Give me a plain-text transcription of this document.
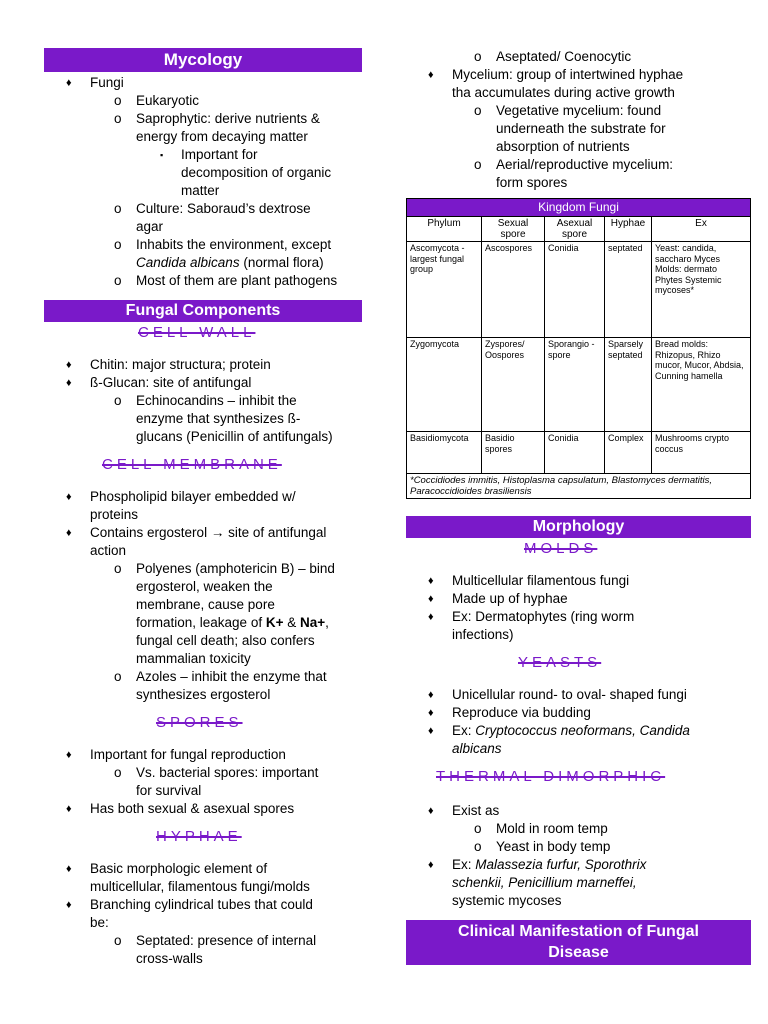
Mycology
♦ Fungi
o Eukaryotic
o Saprophytic: derive nutrients &
energy from decaying matter
▪ Important for
decomposition of organic
matter
o Culture: Saboraud’s dextrose
agar
o Inhabits the environment, except
Candida albicans (normal flora)
o Most of them are plant pathogens
Fungal Components
CELL WALL
♦ Chitin: major structura; protein
♦ ß-Glucan: site of antifungal
o Echinocandins – inhibit the
enzyme that synthesizes ß-
glucans (Penicillin of antifungals)
CELL MEMBRANE
♦ Phospholipid bilayer embedded w/
proteins
♦ Contains ergosterol → site of antifungal
action
o Polyenes (amphotericin B) – bind
ergosterol, weaken the
membrane, cause pore
formation, leakage of K+ & Na+,
fungal cell death; also confers
mammalian toxicity
o Azoles – inhibit the enzyme that
synthesizes ergosterol
SPORES
♦ Important for fungal reproduction
o Vs. bacterial spores: important
for survival
♦ Has both sexual & asexual spores
HYPHAE
♦ Basic morphologic element of
multicellular, filamentous fungi/molds
♦ Branching cylindrical tubes that could
be:
o Septated: presence of internal
cross-walls
o Aseptated/ Coenocytic
♦ Mycelium: group of intertwined hyphae
tha accumulates during active growth
o Vegetative mycelium: found
underneath the substrate for
absorption of nutrients
o Aerial/reproductive mycelium:
form spores
Kingdom Fungi				
Phylum	Sexual spore	Asexual spore	Hyphae	Ex
Ascomycota -largest fungal group	Ascospores	Conidia	septated	Yeast: candida, saccharo Myces Molds: dermato Phytes Systemic mycoses*
Zygomycota	Zyspores/ Oospores	Sporangio -spore	Sparsely septated	Bread molds: Rhizopus, Rhizo mucor, Mucor, Abdsia, Cunning hamella
Basidiomycota	Basidio spores	Conidia	Complex	Mushrooms crypto coccus
*Coccidiodes immitis, Histoplasma capsulatum, Blastomyces dermatitis, Paracoccidioides brasiliensis				
Morphology
MOLDS
♦ Multicellular filamentous fungi
♦ Made up of hyphae
♦ Ex: Dermatophytes (ring worm
infections)
YEASTS
♦ Unicellular round- to oval- shaped fungi
♦ Reproduce via budding
♦ Ex: Cryptococcus neoformans, Candida
albicans
THERMAL DIMORPHIC
♦ Exist as
o Mold in room temp
o Yeast in body temp
♦ Ex: Malassezia furfur, Sporothrix
schenkii, Penicillium marneffei,
systemic mycoses
Clinical Manifestation of Fungal
Disease
